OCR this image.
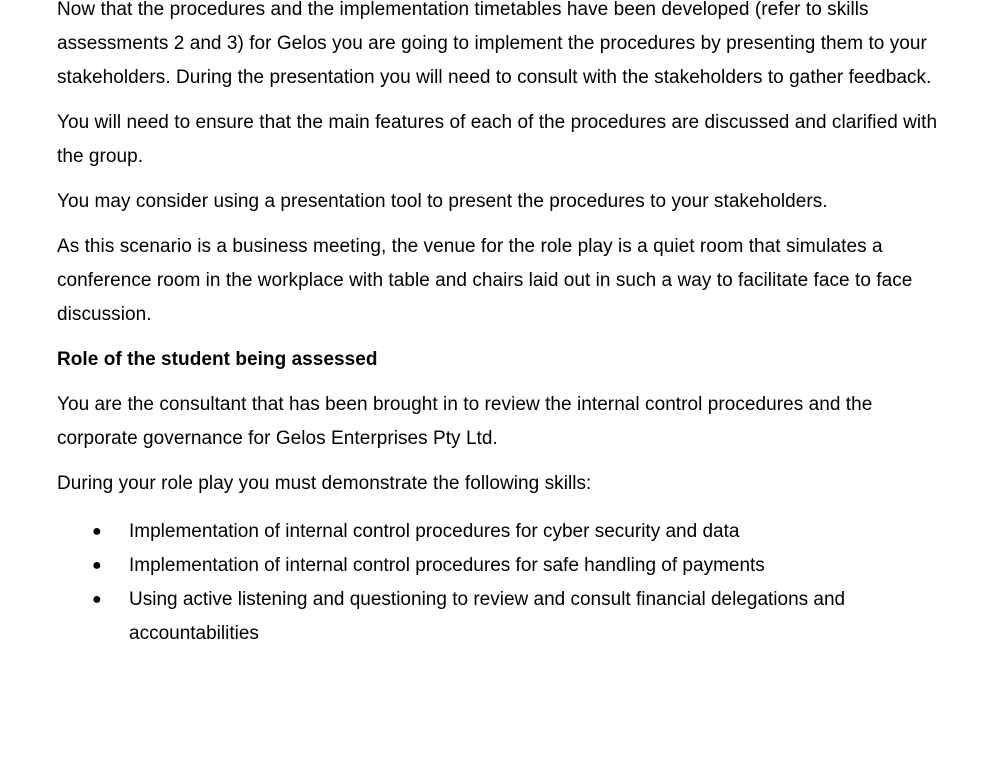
Now that the procedures and the implementation timetables have been developed (refer to skills assessments 2 and 3) for Gelos you are going to implement the procedures by presenting them to your stakeholders. During the presentation you will need to consult with the stakeholders to gather feedback.

You will need to ensure that the main features of each of the procedures are discussed and clarified with the group.

You may consider using a presentation tool to present the procedures to your stakeholders.

As this scenario is a business meeting, the venue for the role play is a quiet room that simulates a conference room in the workplace with table and chairs laid out in such a way to facilitate face to face discussion.

Role of the student being assessed

You are the consultant that has been brought in to review the internal control procedures and the corporate governance for Gelos Enterprises Pty Ltd.

During your role play you must demonstrate the following skills:

● Implementation of internal control procedures for cyber security and data
● Implementation of internal control procedures for safe handling of payments
● Using active listening and questioning to review and consult financial delegations and accountabilities
